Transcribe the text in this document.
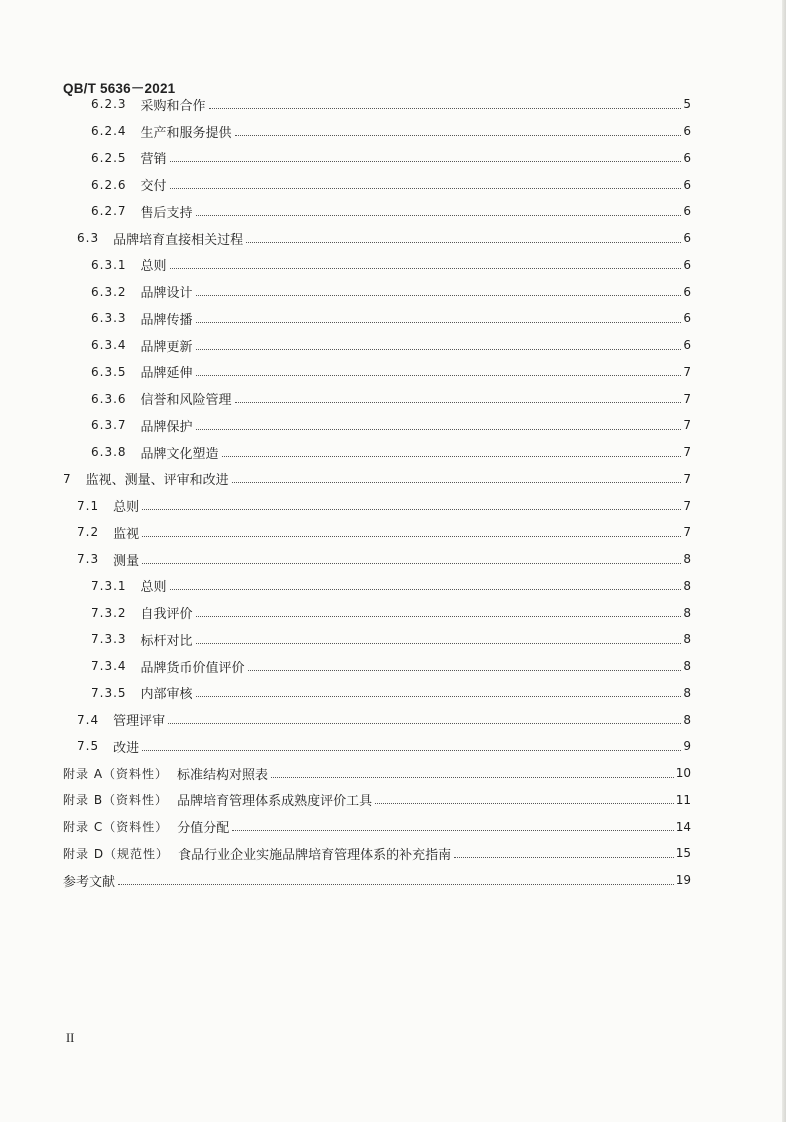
QB/T 5636－2021
6.2.3 采购和合作	5
6.2.4 生产和服务提供	6
6.2.5 营销	6
6.2.6 交付	6
6.2.7 售后支持	6
6.3 品牌培育直接相关过程	6
6.3.1 总则	6
6.3.2 品牌设计	6
6.3.3 品牌传播	6
6.3.4 品牌更新	6
6.3.5 品牌延伸	7
6.3.6 信誉和风险管理	7
6.3.7 品牌保护	7
6.3.8 品牌文化塑造	7
7 监视、测量、评审和改进	7
7.1 总则	7
7.2 监视	7
7.3 测量	8
7.3.1 总则	8
7.3.2 自我评价	8
7.3.3 标杆对比	8
7.3.4 品牌货币价值评价	8
7.3.5 内部审核	8
7.4 管理评审	8
7.5 改进	9
附录 A（资料性） 标准结构对照表	10
附录 B（资料性） 品牌培育管理体系成熟度评价工具	11
附录 C（资料性） 分值分配	14
附录 D（规范性） 食品行业企业实施品牌培育管理体系的补充指南	15
参考文献	19
II
